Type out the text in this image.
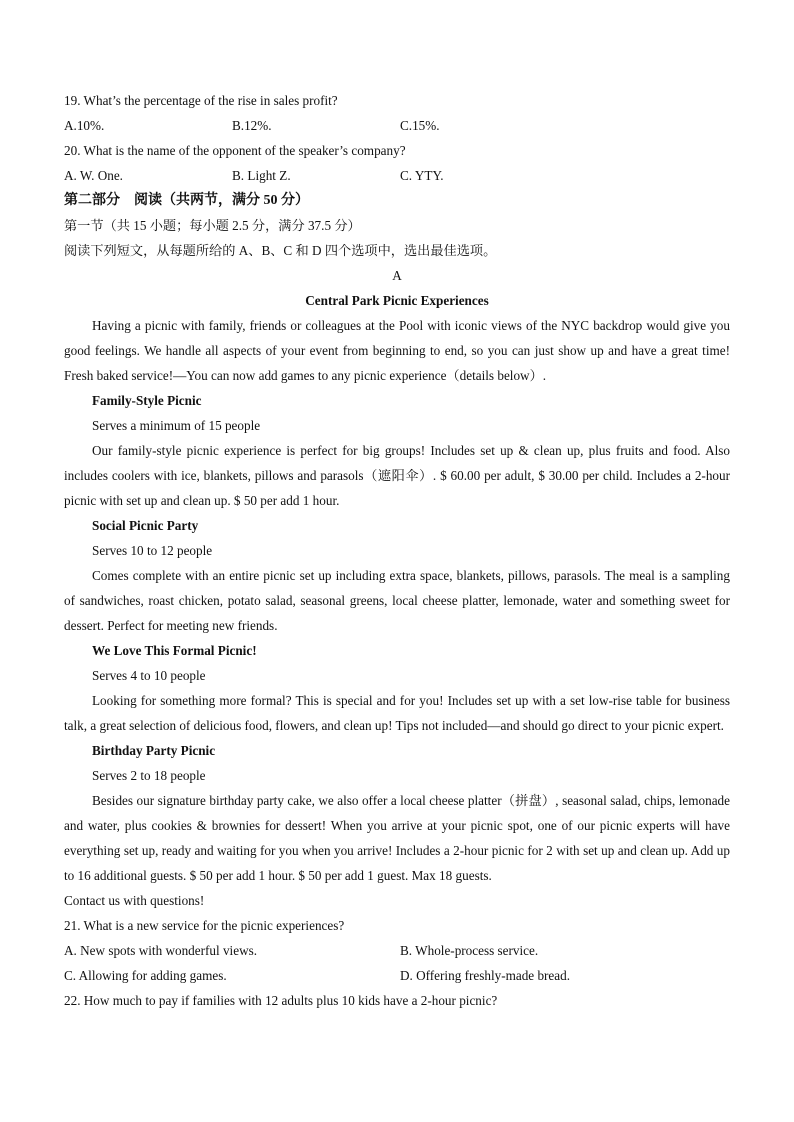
19. What’s the percentage of the rise in sales profit?
A.10%.	B.12%.	C.15%.
20. What is the name of the opponent of the speaker’s company?
A. W. One.	B. Light Z.	C. YTY.
第二部分　阅读（共两节，满分 50 分）
第一节（共 15 小题；每小题 2.5 分，满分 37.5 分）
阅读下列短文，从每题所给的 A、B、C 和 D 四个选项中，选出最佳选项。
A
Central Park Picnic Experiences

Having a picnic with family, friends or colleagues at the Pool with iconic views of the NYC backdrop would give you good feelings. We handle all aspects of your event from beginning to end, so you can just show up and have a great time! Fresh baked service!—You can now add games to any picnic experience（details below）.

Family-Style Picnic
Serves a minimum of 15 people

Our family-style picnic experience is perfect for big groups! Includes set up & clean up, plus fruits and food. Also includes coolers with ice, blankets, pillows and parasols（遮阳伞）. $ 60.00 per adult, $ 30.00 per child. Includes a 2-hour picnic with set up and clean up. $ 50 per add 1 hour.

Social Picnic Party
Serves 10 to 12 people

Comes complete with an entire picnic set up including extra space, blankets, pillows, parasols. The meal is a sampling of sandwiches, roast chicken, potato salad, seasonal greens, local cheese platter, lemonade, water and something sweet for dessert. Perfect for meeting new friends.

We Love This Formal Picnic!
Serves 4 to 10 people

Looking for something more formal? This is special and for you! Includes set up with a set low-rise table for business talk, a great selection of delicious food, flowers, and clean up! Tips not included—and should go direct to your picnic expert.

Birthday Party Picnic
Serves 2 to 18 people

Besides our signature birthday party cake, we also offer a local cheese platter（拼盘）, seasonal salad, chips, lemonade and water, plus cookies & brownies for dessert! When you arrive at your picnic spot, one of our picnic experts will have everything set up, ready and waiting for you when you arrive! Includes a 2-hour picnic for 2 with set up and clean up. Add up to 16 additional guests. $ 50 per add 1 hour. $ 50 per add 1 guest. Max 18 guests.

Contact us with questions!
21. What is a new service for the picnic experiences?
A. New spots with wonderful views.	B. Whole-process service.
C. Allowing for adding games.	D. Offering freshly-made bread.
22. How much to pay if families with 12 adults plus 10 kids have a 2-hour picnic?
